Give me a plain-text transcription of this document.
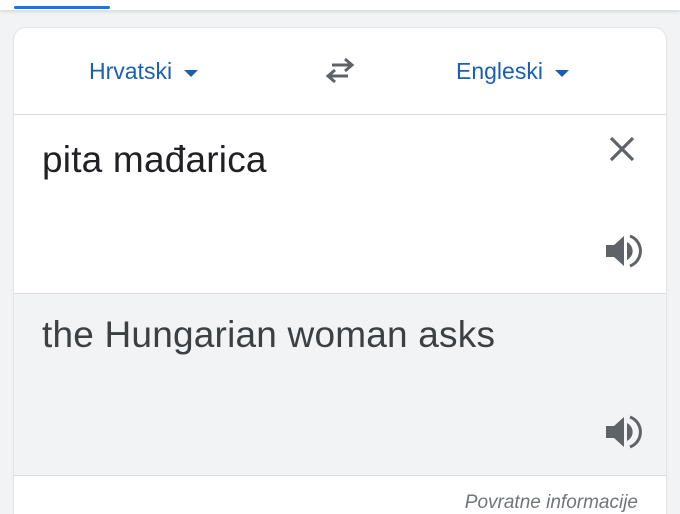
Hrvatski	Engleski
pita mađarica
the Hungarian woman asks
Povratne informacije
